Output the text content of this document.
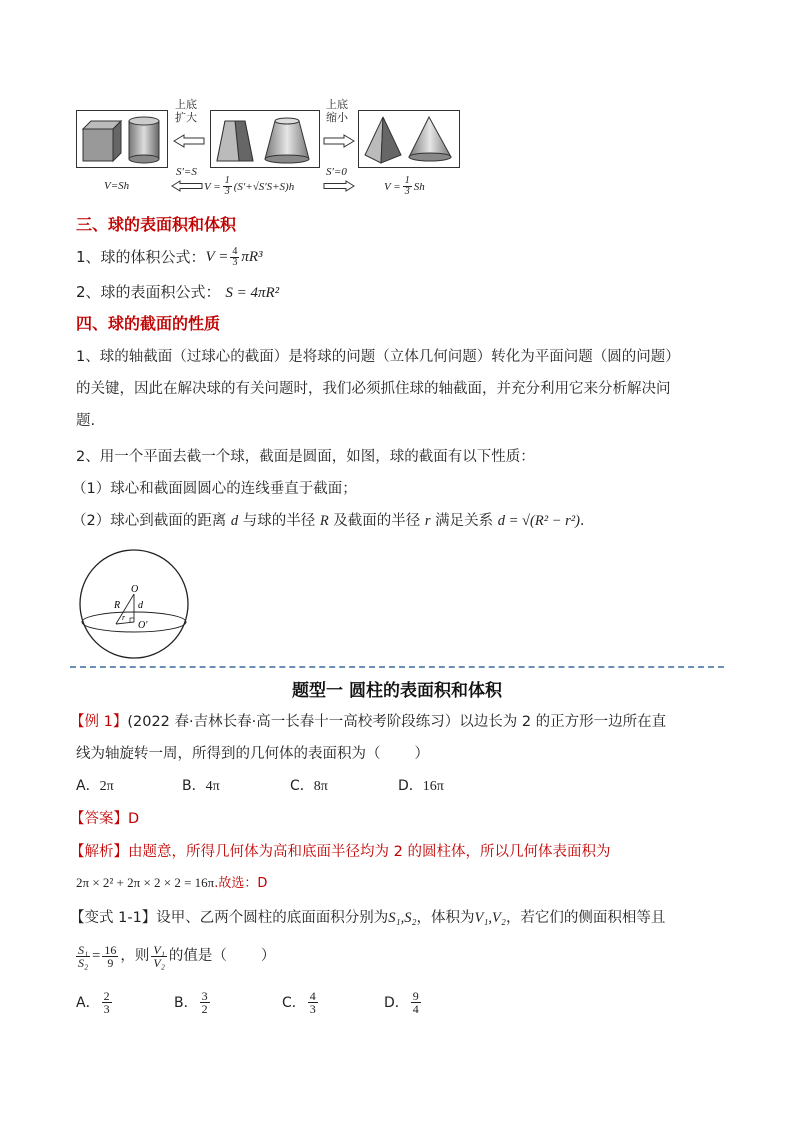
V=Sh
上底
扩大
S′=S
$V = \frac{1}{3} (S'+√S'S+S)h$
上底
缩小
S′=0
$V = \frac{1}{3}$ Sh
三、球的表面积和体积
1、球的体积公式： $V = \frac{4}{3} \pi R^3$
2、球的表面积公式： S = 4πR²
四、球的截面的性质
1、球的轴截面（过球心的截面）是将球的问题（立体几何问题）转化为平面问题（圆的问题）
的关键，因此在解决球的有关问题时，我们必须抓住球的轴截面，并充分利用它来分析解决问
题.
2、用一个平面去截一个球，截面是圆面，如图，球的截面有以下性质：
（1）球心和截面圆圆心的连线垂直于截面；
（2）球心到截面的距离 d 与球的半径 R 及截面的半径 r 满足关系 d = √(R² − r²).
O
R d
r
O′
题型一 圆柱的表面积和体积
【例 1】(2022 春·吉林长春·高一长春十一高校考阶段练习）以边长为 2 的正方形一边所在直
线为轴旋转一周，所得到的几何体的表面积为（ ）
A．2π	B．4π	C．8π	D．16π
【答案】D
【解析】由题意，所得几何体为高和底面半径均为 2 的圆柱体，所以几何体表面积为
2π × 2² + 2π × 2 × 2 = 16π.故选：D
【变式 1-1】设甲、乙两个圆柱的底面面积分别为S₁,S₂，体积为V₁,V₂，若它们的侧面积相等且
$\frac{\text{S₁}}{\text{S₂}} = \frac{16}{9}$ ，则 $\frac{\text{V₁}}{\text{V₂}}$ 的值是（ ）
A． $\frac{2}{3}$	B． $\frac{3}{2}$	C． $\frac{4}{3}$	D． $\frac{9}{4}$
